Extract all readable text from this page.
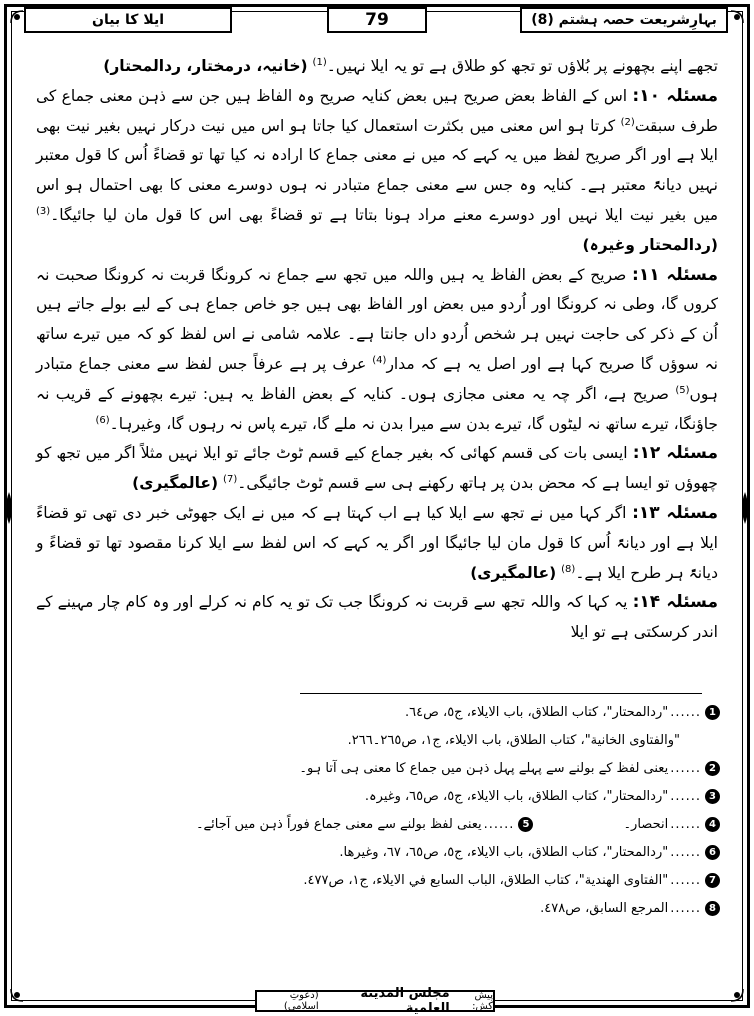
بہارِشریعت حصہ ہشتم (8)
79
ایلا کا بیان

تجھے اپنے بچھونے پر بُلاؤں تو تجھ کو طلاق ہے تو یہ ایلا نہیں۔$^{(1)}$ (خانیہ، درمختار، ردالمحتار)

مسئلہ ۱۰: اس کے الفاظ بعض صریح ہیں بعض کنایہ صریح وہ الفاظ ہیں جن سے ذہن معنی جماع کی طرف سبقت$^{(2)}$ کرتا ہو اس معنی میں بکثرت استعمال کیا جاتا ہو اس میں نیت درکار نہیں بغیر نیت بھی ایلا ہے اور اگر صریح لفظ میں یہ کہے کہ میں نے معنی جماع کا ارادہ نہ کیا تھا تو قضاءً اُس کا قول معتبر نہیں دیانۃً معتبر ہے۔ کنایہ وہ جس سے معنی جماع متبادر نہ ہوں دوسرے معنی کا بھی احتمال ہو اس میں بغیر نیت ایلا نہیں اور دوسرے معنے مراد ہونا بتاتا ہے تو قضاءً بھی اس کا قول مان لیا جائیگا۔$^{(3)}$ (ردالمحتار وغیرہ)

مسئلہ ۱۱: صریح کے بعض الفاظ یہ ہیں واللہ میں تجھ سے جماع نہ کرونگا قربت نہ کرونگا صحبت نہ کروں گا، وطی نہ کرونگا اور اُردو میں بعض اور الفاظ بھی ہیں جو خاص جماع ہی کے لیے بولے جاتے ہیں اُن کے ذکر کی حاجت نہیں ہر شخص اُردو داں جانتا ہے۔ علامہ شامی نے اس لفظ کو کہ میں تیرے ساتھ نہ سوؤں گا صریح کہا ہے اور اصل یہ ہے کہ مدار$^{(4)}$ عرف پر ہے عرفاً جس لفظ سے معنی جماع متبادر ہوں$^{(5)}$ صریح ہے، اگر چہ یہ معنی مجازی ہوں۔ کنایہ کے بعض الفاظ یہ ہیں: تیرے بچھونے کے قریب نہ جاؤنگا، تیرے ساتھ نہ لیٹوں گا، تیرے بدن سے میرا بدن نہ ملے گا، تیرے پاس نہ رہوں گا، وغیرہا۔$^{(6)}$

مسئلہ ۱۲: ایسی بات کی قسم کھائی کہ بغیر جماع کیے قسم ٹوٹ جائے تو ایلا نہیں مثلاً اگر میں تجھ کو چھوؤں تو ایسا ہے کہ محض بدن پر ہاتھ رکھنے ہی سے قسم ٹوٹ جائیگی۔$^{(7)}$ (عالمگیری)

مسئلہ ۱۳: اگر کہا میں نے تجھ سے ایلا کیا ہے اب کہتا ہے کہ میں نے ایک جھوٹی خبر دی تھی تو قضاءً ایلا ہے اور دیانۃً اُس کا قول مان لیا جائیگا اور اگر یہ کہے کہ اس لفظ سے ایلا کرنا مقصود تھا تو قضاءً و دیانۃً ہر طرح ایلا ہے۔$^{(8)}$ (عالمگیری)

مسئلہ ۱۴: یہ کہا کہ واللہ تجھ سے قربت نہ کرونگا جب تک تو یہ کام نہ کرلے اور وہ کام چار مہینے کے اندر کرسکتی ہے تو ایلا

1
......
"ردالمحتار"، کتاب الطلاق، باب الایلاء، ج٥، ص٦٤.
"والفتاوی الخانیة"، کتاب الطلاق، باب الایلاء، ج١، ص٢٦٥۔٢٦٦.
2
......
یعنی لفظ کے بولنے سے پہلے پہل ذہن میں جماع کا معنی ہی آتا ہو۔
3
......
"ردالمحتار"، کتاب الطلاق، باب الایلاء، ج٥، ص٦٥، وغیرہ.
4
......
انحصار۔
5
......
یعنی لفظ بولنے سے معنی جماع فوراً ذہن میں آجائے۔
6
......
"ردالمحتار"، کتاب الطلاق، باب الایلاء، ج٥، ص٦٥، ٦٧، وغیرها.
7
......
"الفتاوی الهندیة"، کتاب الطلاق، الباب السابع في الایلاء، ج١، ص٤٧٧.
8
......
المرجع السابق، ص٤٧٨.
پیش کش:
مجلس المدینة العلمیة
(دعوتِ اسلامی)
